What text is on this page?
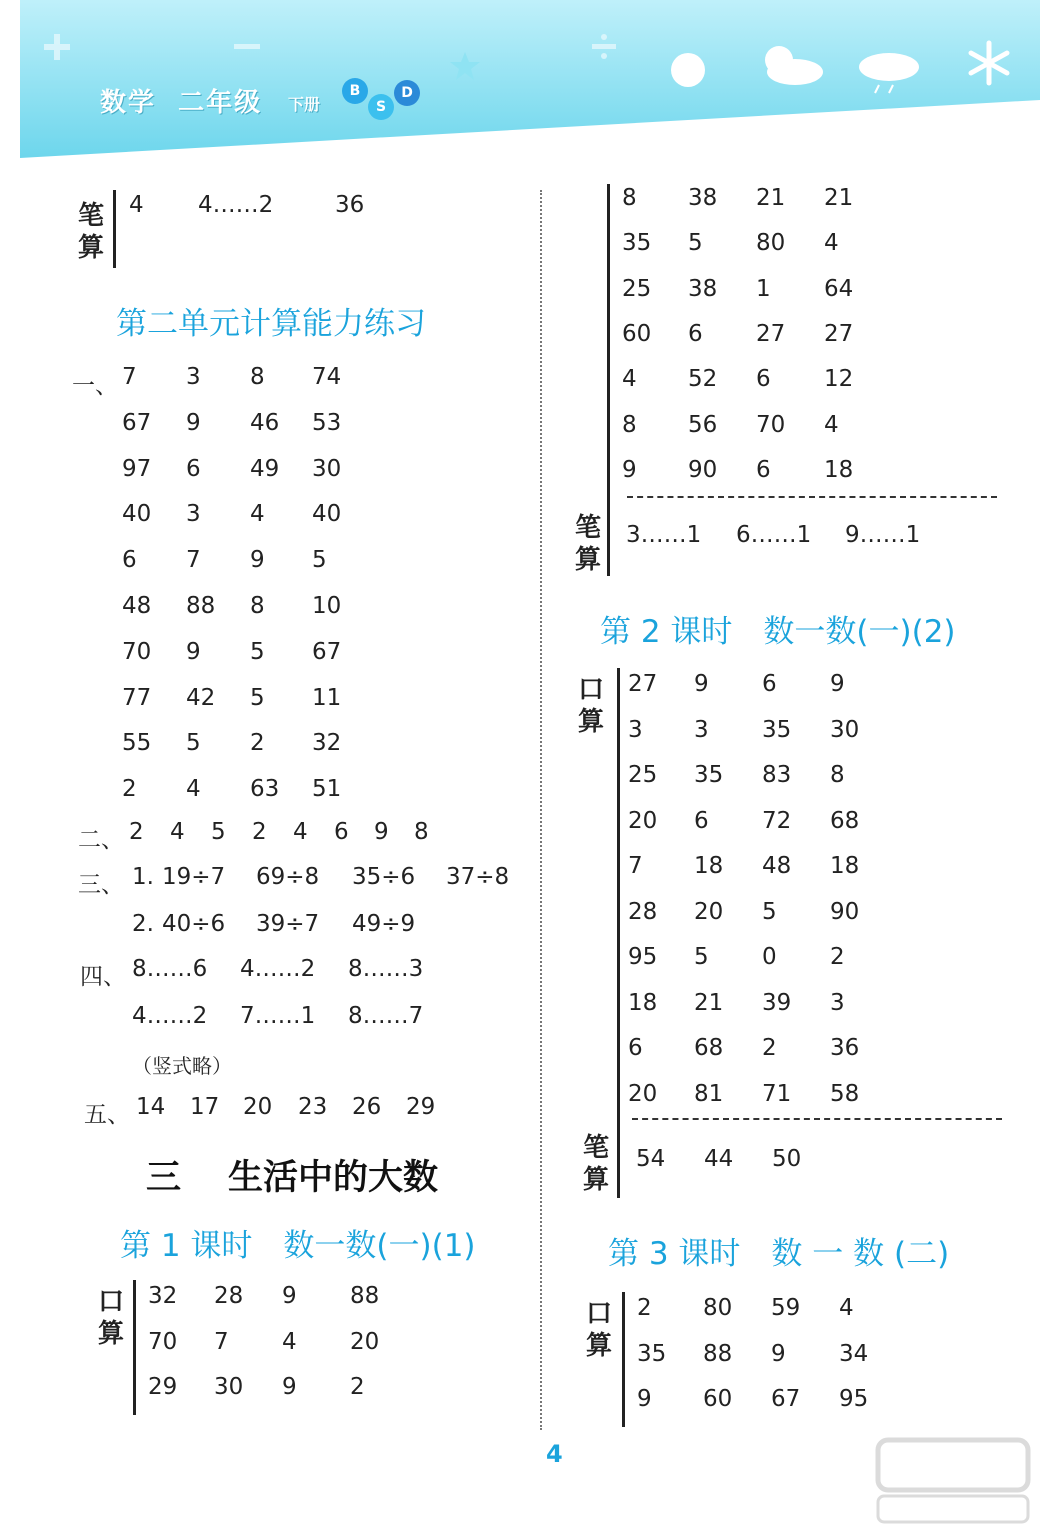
数学 二年级 下册
B
S
D
笔算
4 4……2	36
第二单元计算能力练习
一、 7 3 8 74
67 9 46 53
97 6 49 30
40 3 4 40
6 7 9 5
48 88 8 10
70 9 5 67
77 42 5 11
55 5 2 32
2 4 63 51
二、 2 4 5 2 4 6 9 8
三、 1. 19÷7 69÷8 35÷6 37÷8
2. 40÷6 39÷7 49÷9
四、 8……6 4……2 8……3
4……2 7……1 8……7
（竖式略）
五、 14 17 20 23 26 29
三 生活中的大数
第 1 课时　数一数(一)(1)
口算
32 28 9 88
70 7 4 20
29 30 9 2
8 38 21 21
35 5 80 4
25 38 1 64
60 6 27 27
4 52 6 12
8 56 70 4
9 90 6 18
笔算
3……1 6……1 9……1
第 2 课时　数一数(一)(2)
口算
27 9 6 9
3 3 35 30
25 35 83 8
20 6 72 68
7 18 48 18
28 20 5 90
95 5 0 2
18 21 39 3
6 68 2 36
20 81 71 58
笔算
54 44 50
第 3 课时　数 一 数 (二)
口算
2 80 59 4
35 88 9 34
9 60 67 95
4
